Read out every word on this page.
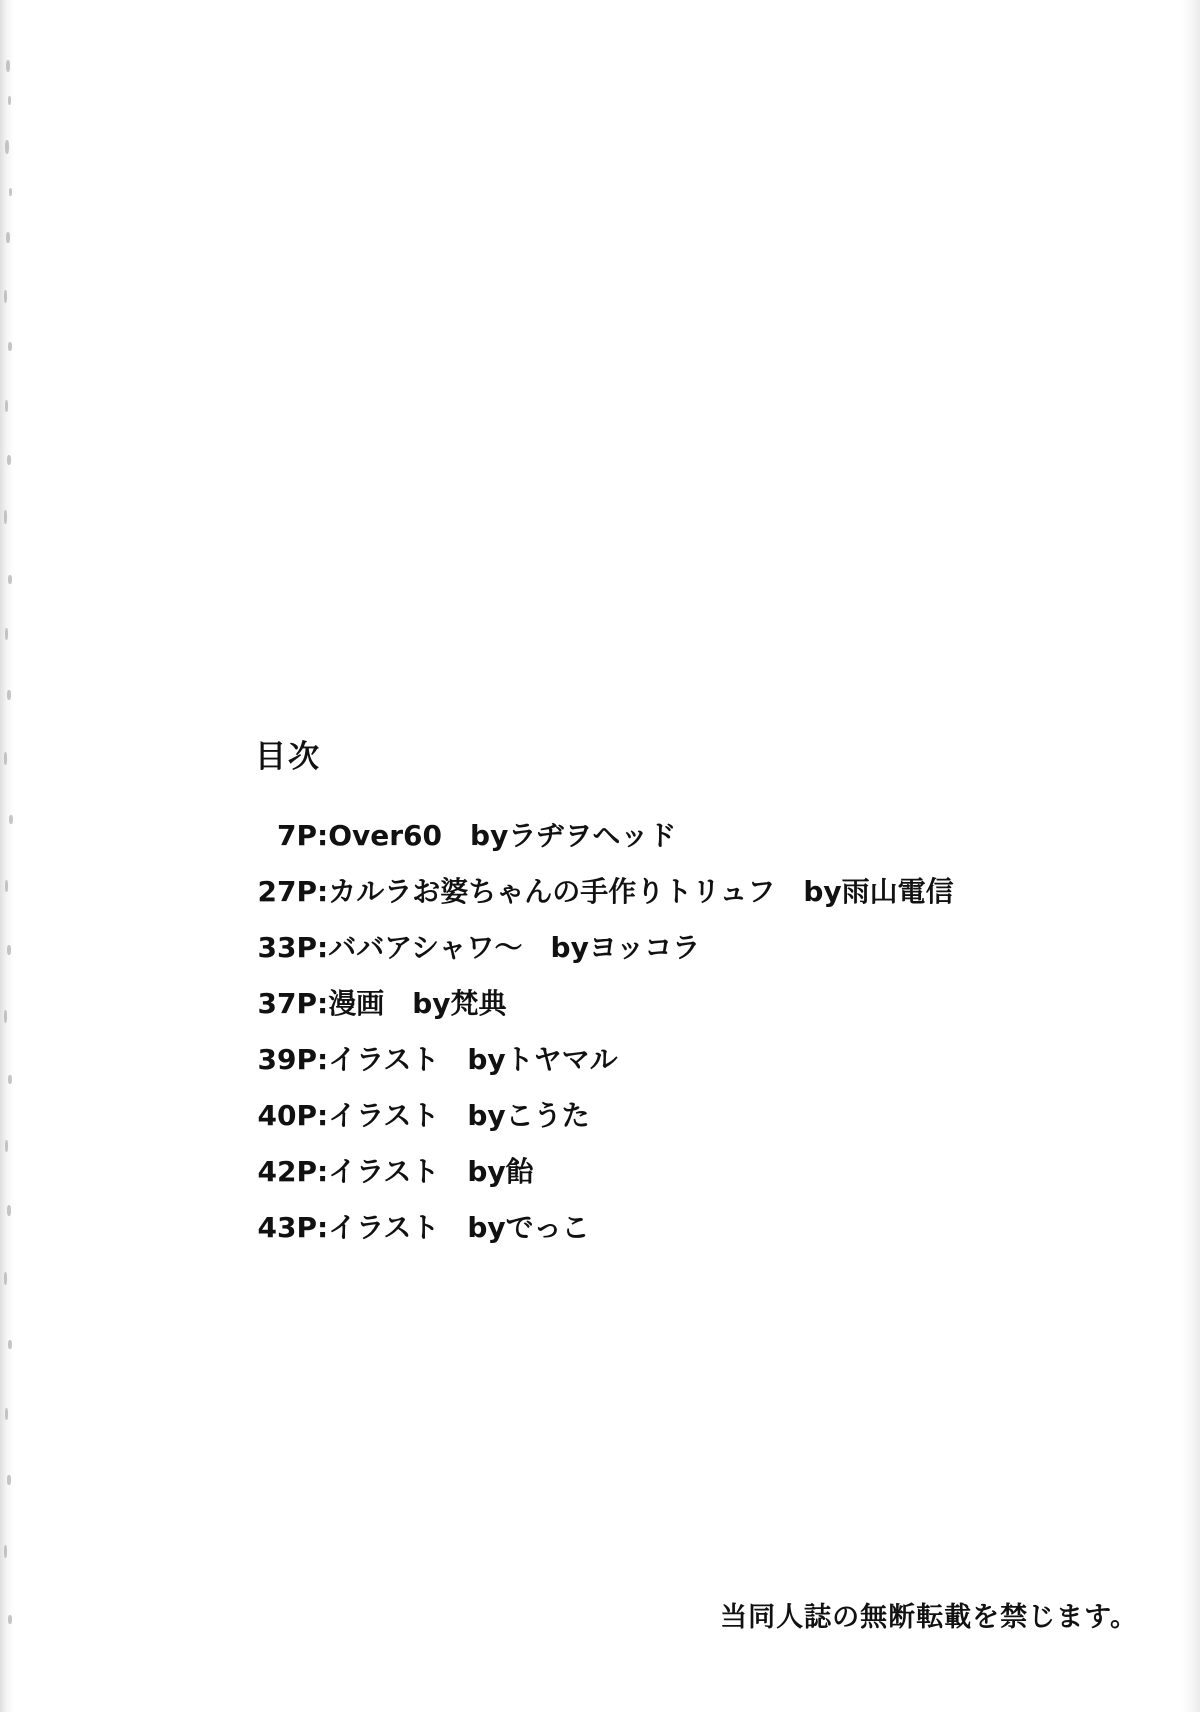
目次
7P:Over60　byラヂヲヘッド
27P:カルラお婆ちゃんの手作りトリュフ　by雨山電信
33P:ババアシャワ〜　byヨッコラ
37P:漫画　by梵典
39P:イラスト　byトヤマル
40P:イラスト　byこうた
42P:イラスト　by飴
43P:イラスト　byでっこ
当同人誌の無断転載を禁じます。
